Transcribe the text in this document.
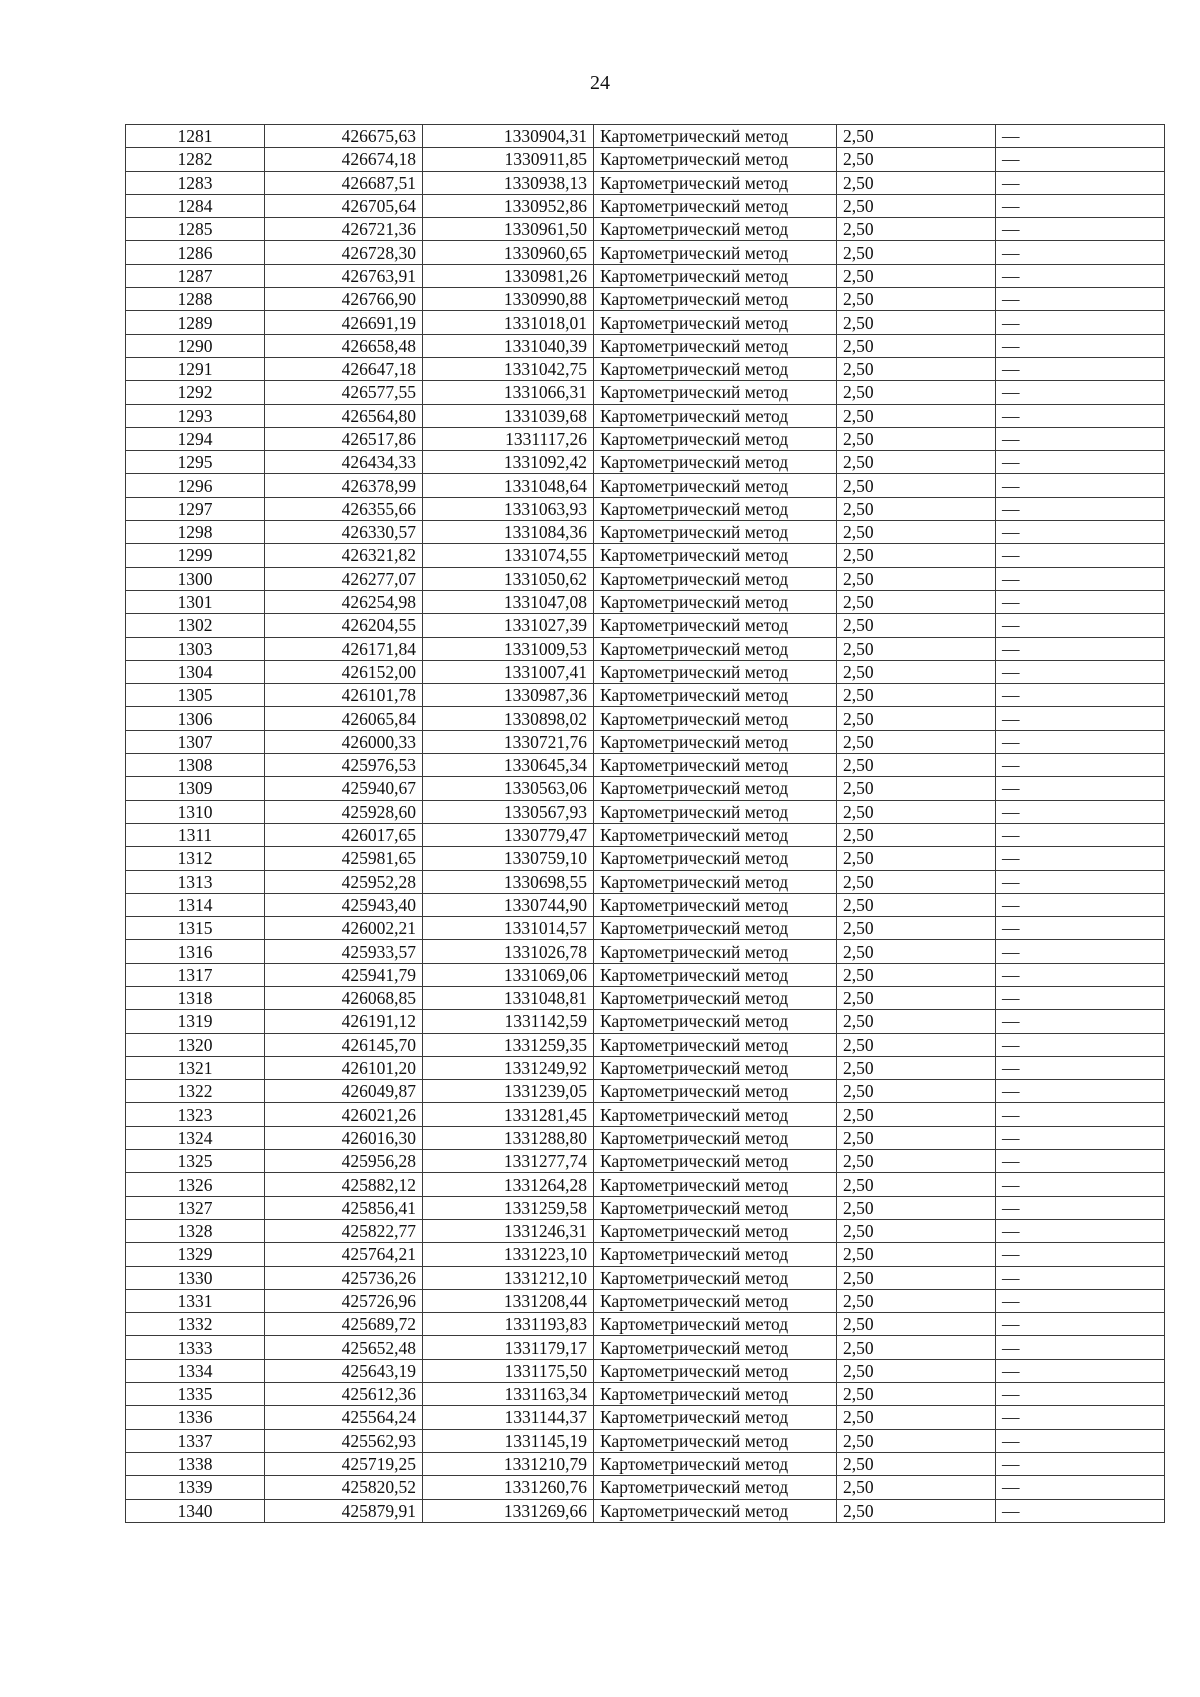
24
1281	426675,63	1330904,31	Картометрический метод	2,50	—
1282	426674,18	1330911,85	Картометрический метод	2,50	—
1283	426687,51	1330938,13	Картометрический метод	2,50	—
1284	426705,64	1330952,86	Картометрический метод	2,50	—
1285	426721,36	1330961,50	Картометрический метод	2,50	—
1286	426728,30	1330960,65	Картометрический метод	2,50	—
1287	426763,91	1330981,26	Картометрический метод	2,50	—
1288	426766,90	1330990,88	Картометрический метод	2,50	—
1289	426691,19	1331018,01	Картометрический метод	2,50	—
1290	426658,48	1331040,39	Картометрический метод	2,50	—
1291	426647,18	1331042,75	Картометрический метод	2,50	—
1292	426577,55	1331066,31	Картометрический метод	2,50	—
1293	426564,80	1331039,68	Картометрический метод	2,50	—
1294	426517,86	1331117,26	Картометрический метод	2,50	—
1295	426434,33	1331092,42	Картометрический метод	2,50	—
1296	426378,99	1331048,64	Картометрический метод	2,50	—
1297	426355,66	1331063,93	Картометрический метод	2,50	—
1298	426330,57	1331084,36	Картометрический метод	2,50	—
1299	426321,82	1331074,55	Картометрический метод	2,50	—
1300	426277,07	1331050,62	Картометрический метод	2,50	—
1301	426254,98	1331047,08	Картометрический метод	2,50	—
1302	426204,55	1331027,39	Картометрический метод	2,50	—
1303	426171,84	1331009,53	Картометрический метод	2,50	—
1304	426152,00	1331007,41	Картометрический метод	2,50	—
1305	426101,78	1330987,36	Картометрический метод	2,50	—
1306	426065,84	1330898,02	Картометрический метод	2,50	—
1307	426000,33	1330721,76	Картометрический метод	2,50	—
1308	425976,53	1330645,34	Картометрический метод	2,50	—
1309	425940,67	1330563,06	Картометрический метод	2,50	—
1310	425928,60	1330567,93	Картометрический метод	2,50	—
1311	426017,65	1330779,47	Картометрический метод	2,50	—
1312	425981,65	1330759,10	Картометрический метод	2,50	—
1313	425952,28	1330698,55	Картометрический метод	2,50	—
1314	425943,40	1330744,90	Картометрический метод	2,50	—
1315	426002,21	1331014,57	Картометрический метод	2,50	—
1316	425933,57	1331026,78	Картометрический метод	2,50	—
1317	425941,79	1331069,06	Картометрический метод	2,50	—
1318	426068,85	1331048,81	Картометрический метод	2,50	—
1319	426191,12	1331142,59	Картометрический метод	2,50	—
1320	426145,70	1331259,35	Картометрический метод	2,50	—
1321	426101,20	1331249,92	Картометрический метод	2,50	—
1322	426049,87	1331239,05	Картометрический метод	2,50	—
1323	426021,26	1331281,45	Картометрический метод	2,50	—
1324	426016,30	1331288,80	Картометрический метод	2,50	—
1325	425956,28	1331277,74	Картометрический метод	2,50	—
1326	425882,12	1331264,28	Картометрический метод	2,50	—
1327	425856,41	1331259,58	Картометрический метод	2,50	—
1328	425822,77	1331246,31	Картометрический метод	2,50	—
1329	425764,21	1331223,10	Картометрический метод	2,50	—
1330	425736,26	1331212,10	Картометрический метод	2,50	—
1331	425726,96	1331208,44	Картометрический метод	2,50	—
1332	425689,72	1331193,83	Картометрический метод	2,50	—
1333	425652,48	1331179,17	Картометрический метод	2,50	—
1334	425643,19	1331175,50	Картометрический метод	2,50	—
1335	425612,36	1331163,34	Картометрический метод	2,50	—
1336	425564,24	1331144,37	Картометрический метод	2,50	—
1337	425562,93	1331145,19	Картометрический метод	2,50	—
1338	425719,25	1331210,79	Картометрический метод	2,50	—
1339	425820,52	1331260,76	Картометрический метод	2,50	—
1340	425879,91	1331269,66	Картометрический метод	2,50	—
